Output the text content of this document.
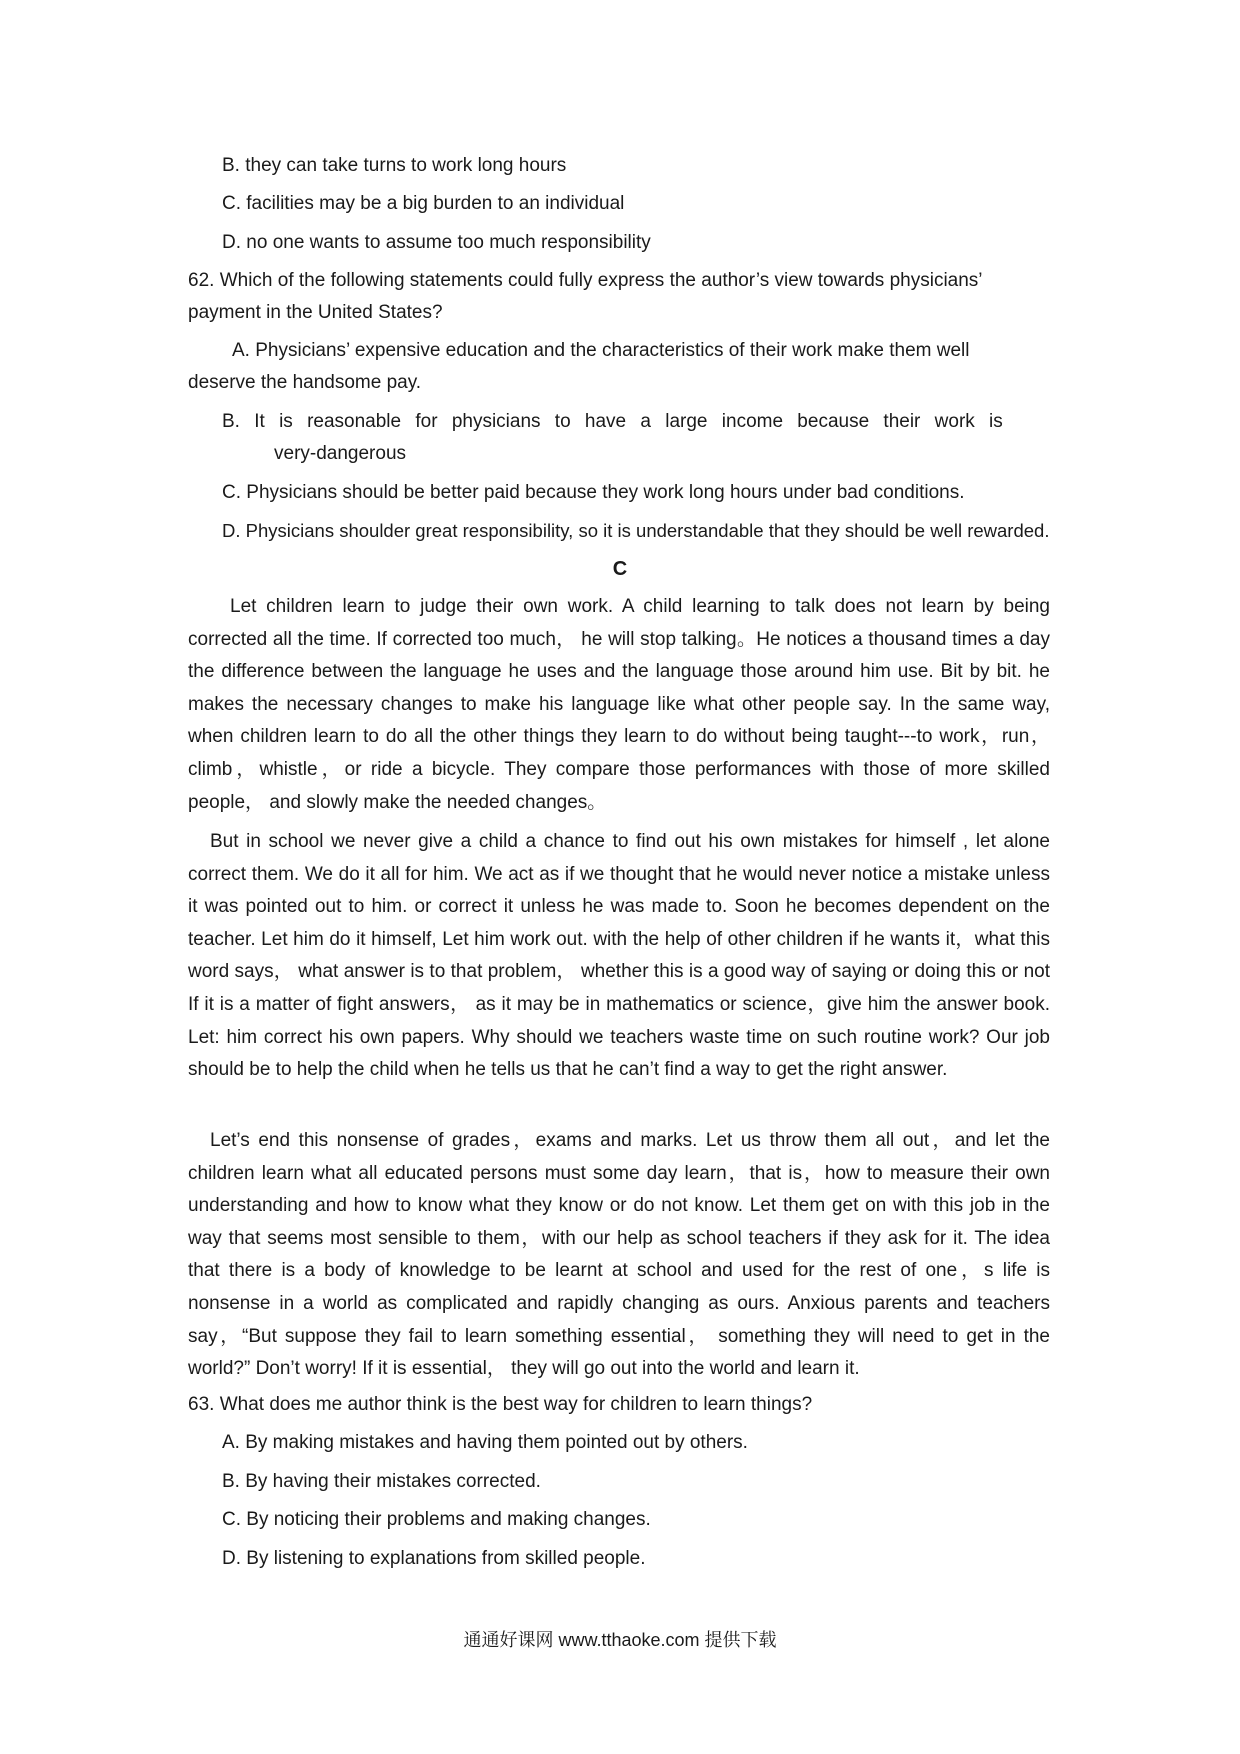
B. they can take turns to work long hours
C. facilities may be a big burden to an individual
D. no one wants to assume too much responsibility
62. Which of the following statements could fully express the author’s view towards physicians’
payment in the United States?
A. Physicians’ expensive education and the characteristics of their work make them well
deserve the handsome pay.
B. It is reasonable for physicians to have a large income because their work is
very-dangerous
C. Physicians should be better paid because they work long hours under bad conditions.
D. Physicians shoulder great responsibility, so it is understandable that they should be well rewarded.
C
Let children learn to judge their own work. A child learning to talk does not learn by being corrected all the time. If corrected too much， he will stop talking。He notices a thousand times a day the difference between the language he uses and the language those around him use. Bit by bit. he makes the necessary changes to make his language like what other people say. In the same way, when children learn to do all the other things they learn to do without being taught---to work，run，climb，whistle，or ride a bicycle. They compare those performances with those of more skilled people， and slowly make the needed changes。
But in school we never give a child a chance to find out his own mistakes for himself , let alone correct them. We do it all for him. We act as if we thought that he would never notice a mistake unless it was pointed out to him. or correct it unless he was made to. Soon he becomes dependent on the teacher. Let him do it himself, Let him work out. with the help of other children if he wants it，what this word says， what answer is to that problem， whether this is a good way of saying or doing this or not If it is a matter of fight answers， as it may be in mathematics or science，give him the answer book. Let: him correct his own papers. Why should we teachers waste time on such routine work? Our job should be to help the child when he tells us that he can’t find a way to get the right answer.
Let’s end this nonsense of grades，exams and marks. Let us throw them all out，and let the children learn what all educated persons must some day learn，that is，how to measure their own understanding and how to know what they know or do not know. Let them get on with this job in the way that seems most sensible to them，with our help as school teachers if they ask for it. The idea that there is a body of knowledge to be learnt at school and used for the rest of one，s life is nonsense in a world as complicated and rapidly changing as ours. Anxious parents and teachers say，“But suppose they fail to learn something essential， something they will need to get in the world?” Don’t worry! If it is essential， they will go out into the world and learn it.
63. What does me author think is the best way for children to learn things?
A. By making mistakes and having them pointed out by others.
B. By having their mistakes corrected.
C. By noticing their problems and making changes.
D. By listening to explanations from skilled people.
通通好课网 www.tthaoke.com 提供下载
